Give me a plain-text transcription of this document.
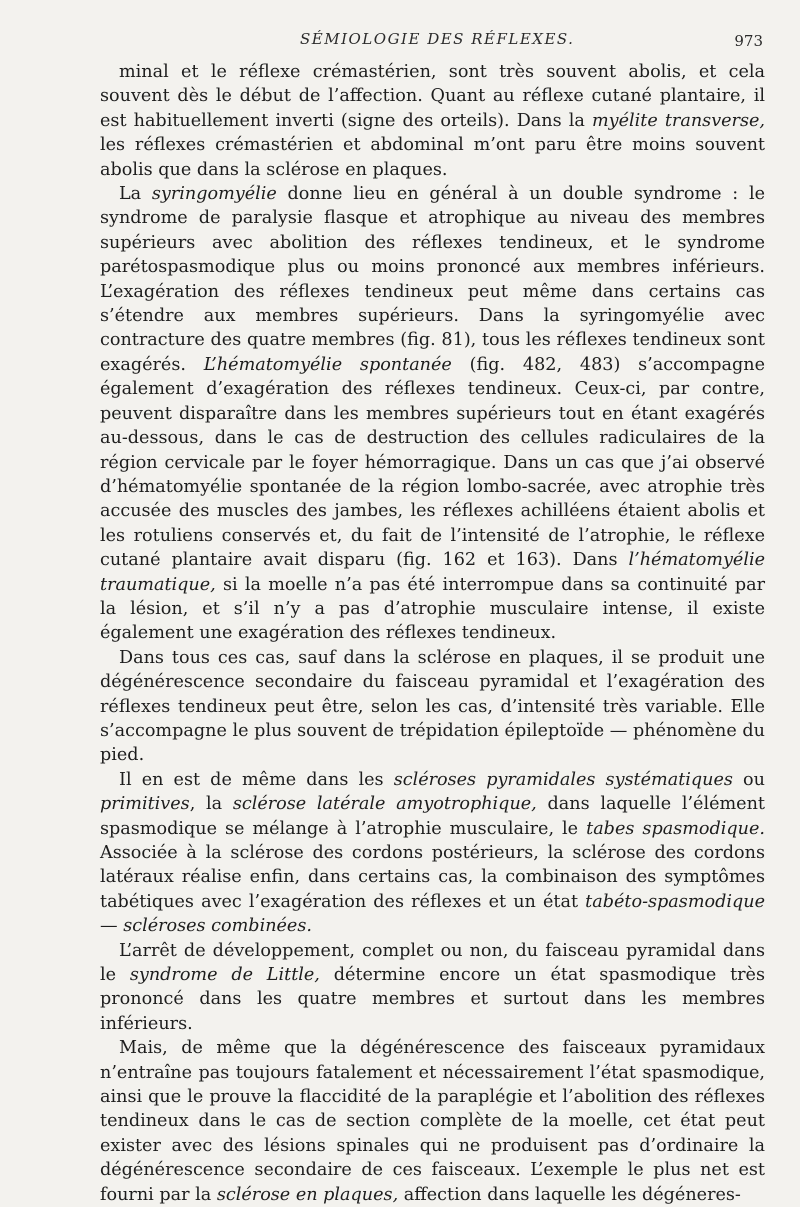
SÉMIOLOGIE DES RÉFLEXES.	973

minal et le réflexe crémastérien, sont très souvent abolis, et cela souvent dès le début de l’affection. Quant au réflexe cutané plantaire, il est habituellement inverti (signe des orteils). Dans la myélite transverse, les réflexes crémastérien et abdominal m’ont paru être moins souvent abolis que dans la sclérose en plaques.

La syringomyélie donne lieu en général à un double syndrome : le syndrome de paralysie flasque et atrophique au niveau des membres supérieurs avec abolition des réflexes tendineux, et le syndrome parétospasmodique plus ou moins prononcé aux membres inférieurs. L’exagération des réflexes tendineux peut même dans certains cas s’étendre aux membres supérieurs. Dans la syringomyélie avec contracture des quatre membres (fig. 81), tous les réflexes tendineux sont exagérés. L’hématomyélie spontanée (fig. 482, 483) s’accompagne également d’exagération des réflexes tendineux. Ceux-ci, par contre, peuvent disparaître dans les membres supérieurs tout en étant exagérés au-dessous, dans le cas de destruction des cellules radiculaires de la région cervicale par le foyer hémorragique. Dans un cas que j’ai observé d’hématomyélie spontanée de la région lombo-sacrée, avec atrophie très accusée des muscles des jambes, les réflexes achilléens étaient abolis et les rotuliens conservés et, du fait de l’intensité de l’atrophie, le réflexe cutané plantaire avait disparu (fig. 162 et 163). Dans l’hématomyélie traumatique, si la moelle n’a pas été interrompue dans sa continuité par la lésion, et s’il n’y a pas d’atrophie musculaire intense, il existe également une exagération des réflexes tendineux.

Dans tous ces cas, sauf dans la sclérose en plaques, il se produit une dégénérescence secondaire du faisceau pyramidal et l’exagération des réflexes tendineux peut être, selon les cas, d’intensité très variable. Elle s’accompagne le plus souvent de trépidation épileptoïde — phénomène du pied.

Il en est de même dans les scléroses pyramidales systématiques ou primitives, la sclérose latérale amyotrophique, dans laquelle l’élément spasmodique se mélange à l’atrophie musculaire, le tabes spasmodique. Associée à la sclérose des cordons postérieurs, la sclérose des cordons latéraux réalise enfin, dans certains cas, la combinaison des symptômes tabétiques avec l’exagération des réflexes et un état tabéto-spasmodique — scléroses combinées.

L’arrêt de développement, complet ou non, du faisceau pyramidal dans le syndrome de Little, détermine encore un état spasmodique très prononcé dans les quatre membres et surtout dans les membres inférieurs.

Mais, de même que la dégénérescence des faisceaux pyramidaux n’entraîne pas toujours fatalement et nécessairement l’état spasmodique, ainsi que le prouve la flaccidité de la paraplégie et l’abolition des réflexes tendineux dans le cas de section complète de la moelle, cet état peut exister avec des lésions spinales qui ne produisent pas d’ordinaire la dégénérescence secondaire de ces faisceaux. L’exemple le plus net est fourni par la sclérose en plaques, affection dans laquelle les dégéneres-
